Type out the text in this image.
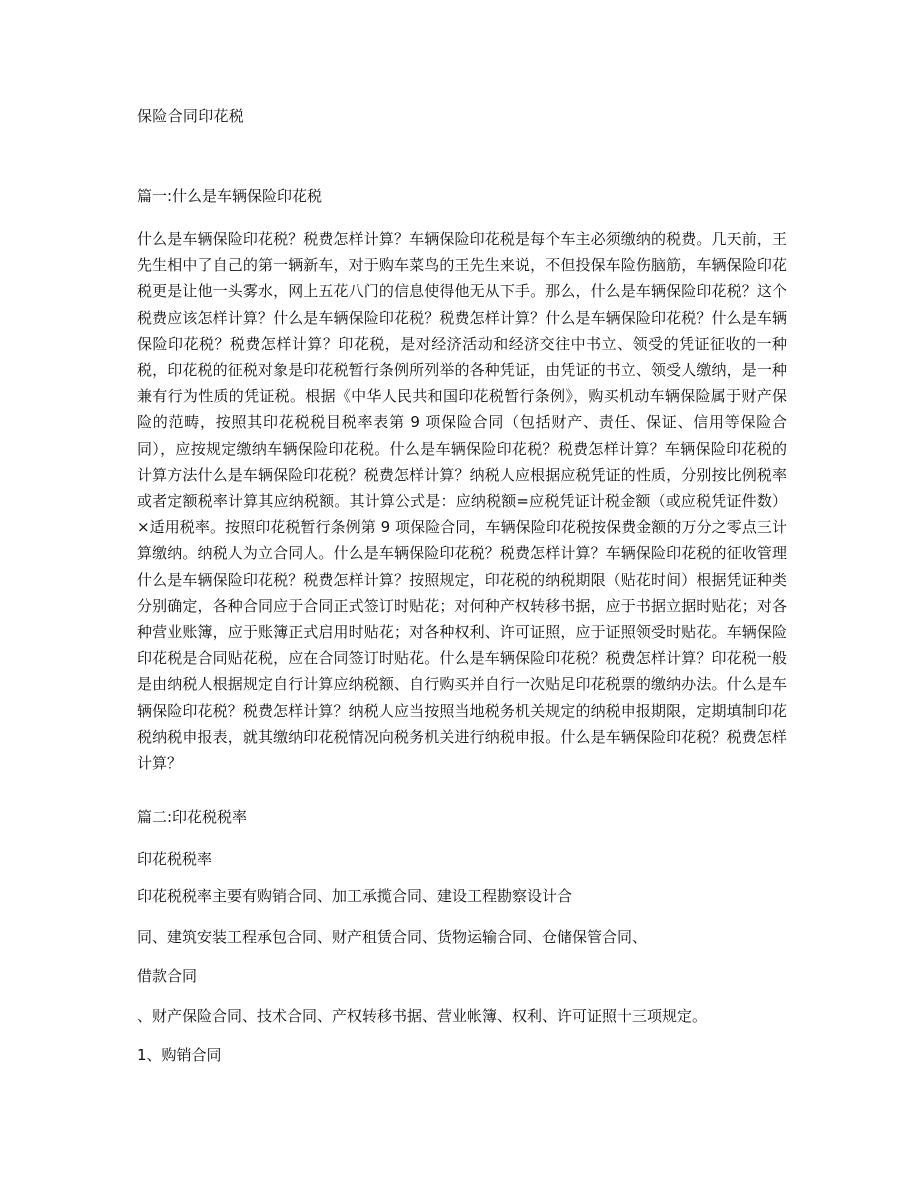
保险合同印花税
篇一:什么是车辆保险印花税

什么是车辆保险印花税？税费怎样计算？车辆保险印花税是每个车主必须缴纳的税费。几天前，王先生相中了自己的第一辆新车，对于购车菜鸟的王先生来说，不但投保车险伤脑筋，车辆保险印花税更是让他一头雾水，网上五花八门的信息使得他无从下手。那么，什么是车辆保险印花税？这个税费应该怎样计算？什么是车辆保险印花税？税费怎样计算？什么是车辆保险印花税？什么是车辆保险印花税？税费怎样计算？印花税，是对经济活动和经济交往中书立、领受的凭证征收的一种税，印花税的征税对象是印花税暂行条例所列举的各种凭证，由凭证的书立、领受人缴纳，是一种兼有行为性质的凭证税。根据《中华人民共和国印花税暂行条例》，购买机动车辆保险属于财产保险的范畴，按照其印花税税目税率表第 9 项保险合同（包括财产、责任、保证、信用等保险合同），应按规定缴纳车辆保险印花税。什么是车辆保险印花税？税费怎样计算？车辆保险印花税的计算方法什么是车辆保险印花税？税费怎样计算？纳税人应根据应税凭证的性质，分别按比例税率或者定额税率计算其应纳税额。其计算公式是：应纳税额=应税凭证计税金额（或应税凭证件数）×适用税率。按照印花税暂行条例第 9 项保险合同，车辆保险印花税按保费金额的万分之零点三计算缴纳。纳税人为立合同人。什么是车辆保险印花税？税费怎样计算？车辆保险印花税的征收管理什么是车辆保险印花税？税费怎样计算？按照规定，印花税的纳税期限（贴花时间）根据凭证种类分别确定，各种合同应于合同正式签订时贴花；对何种产权转移书据，应于书据立据时贴花；对各种营业账簿，应于账簿正式启用时贴花；对各种权利、许可证照，应于证照领受时贴花。车辆保险印花税是合同贴花税，应在合同签订时贴花。什么是车辆保险印花税？税费怎样计算？印花税一般是由纳税人根据规定自行计算应纳税额、自行购买并自行一次贴足印花税票的缴纳办法。什么是车辆保险印花税？税费怎样计算？纳税人应当按照当地税务机关规定的纳税申报期限，定期填制印花税纳税申报表，就其缴纳印花税情况向税务机关进行纳税申报。什么是车辆保险印花税？税费怎样计算？

篇二:印花税税率
印花税税率
印花税税率主要有购销合同、加工承揽合同、建设工程勘察设计合
同、建筑安装工程承包合同、财产租赁合同、货物运输合同、仓储保管合同、
借款合同
、财产保险合同、技术合同、产权转移书据、营业帐簿、权利、许可证照十三项规定。
1、购销合同
